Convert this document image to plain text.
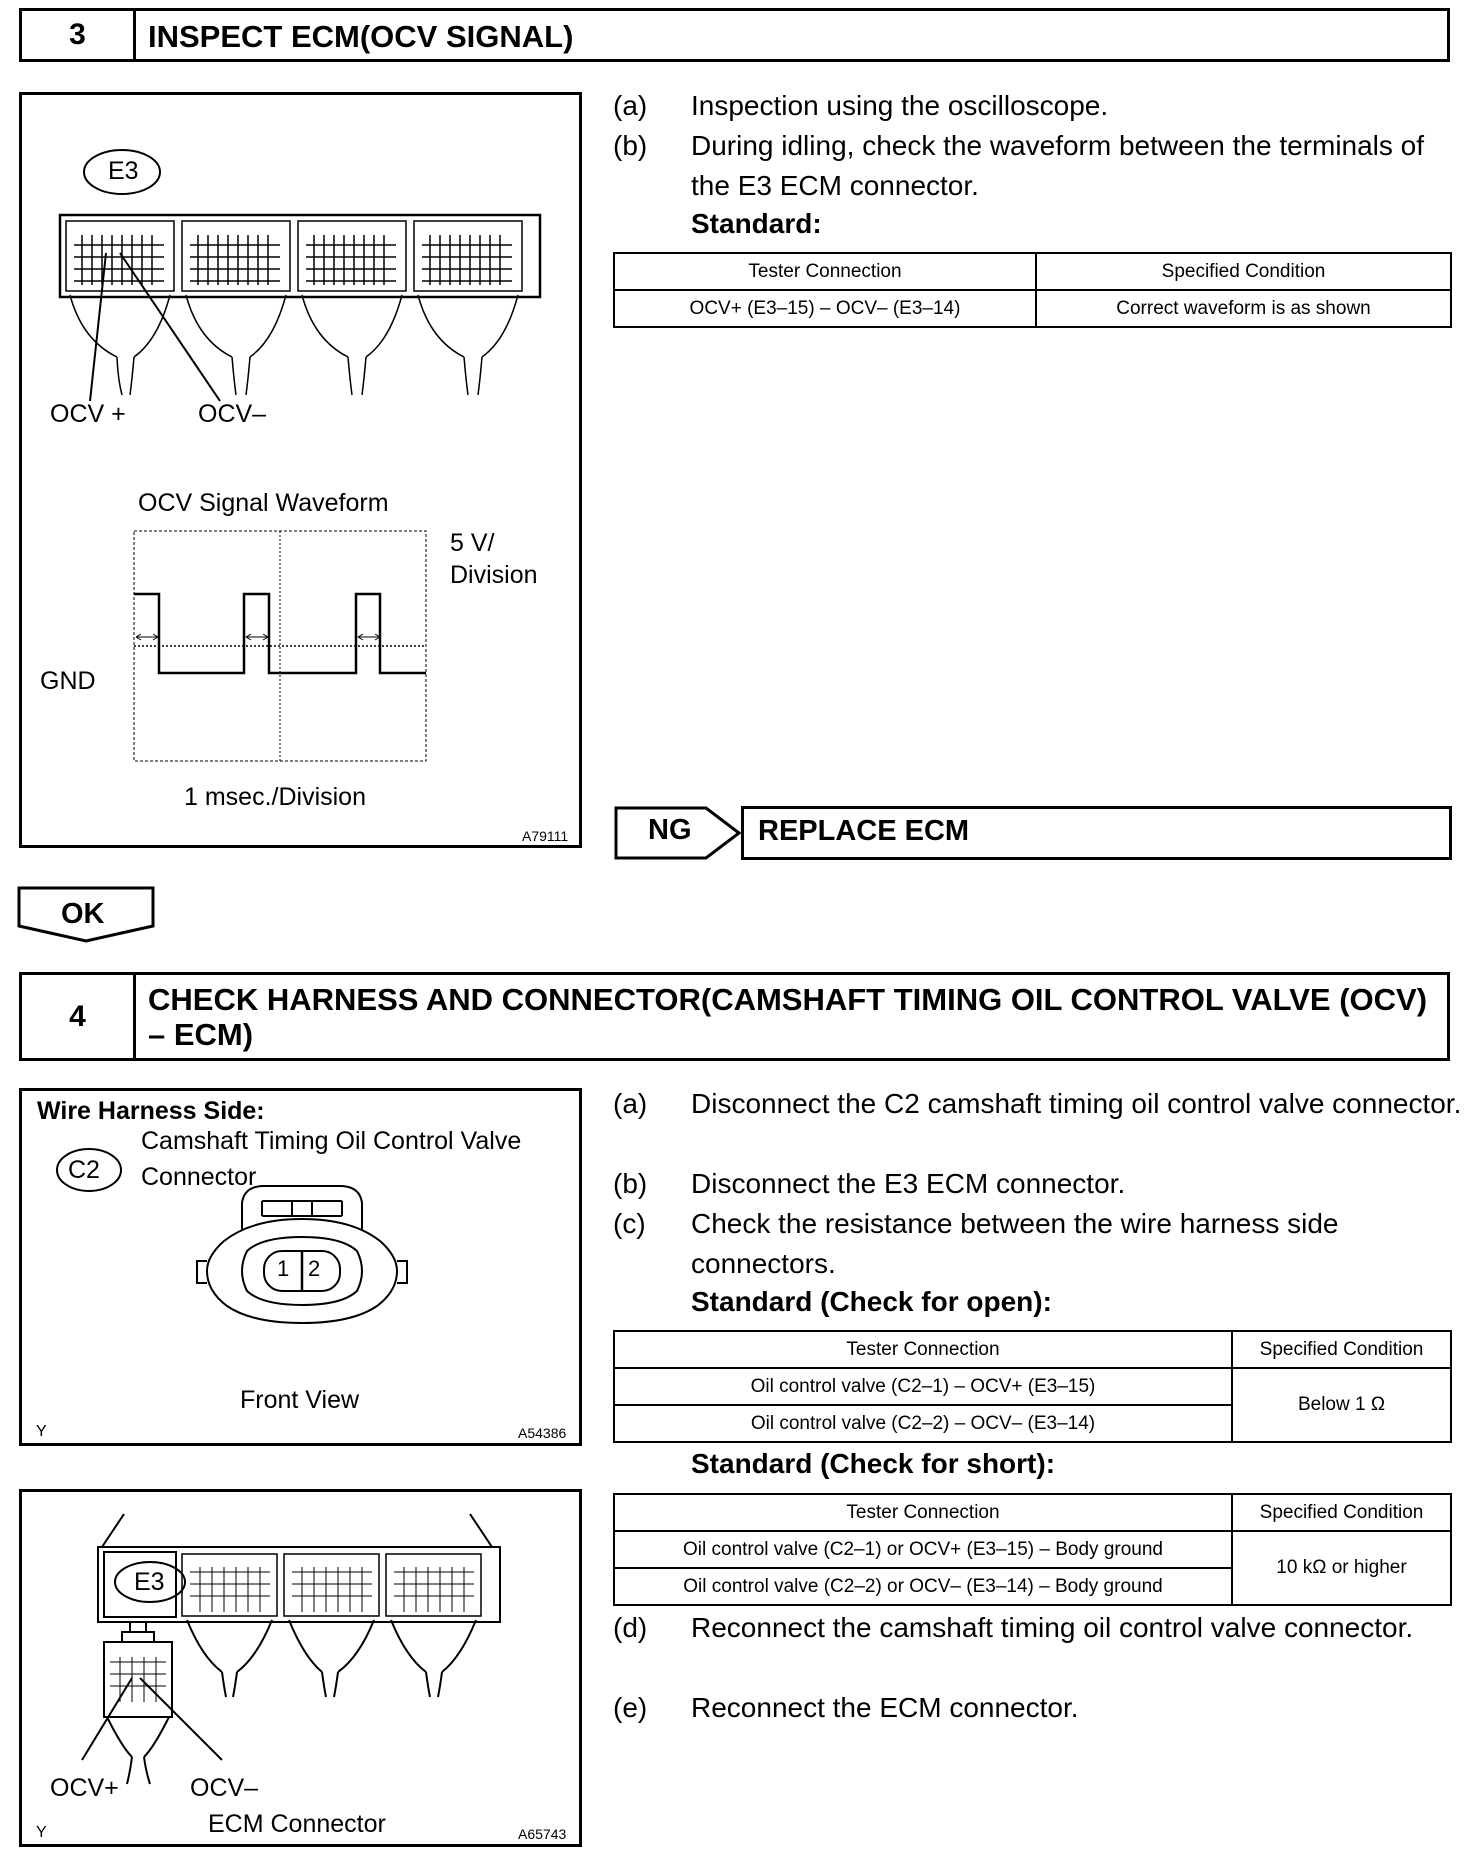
3	INSPECT ECM(OCV SIGNAL)
E3
OCV +	OCV–
OCV Signal Waveform
5 V/
Division
GND
1 msec./Division
A79111
(a)	Inspection using the oscilloscope.
(b)	During idling, check the waveform between the terminals of the E3 ECM connector.
Standard:
Tester Connection	Specified Condition
OCV+ (E3–15) – OCV– (E3–14)	Correct waveform is as shown
NG REPLACE ECM
OK
4	CHECK HARNESS AND CONNECTOR(CAMSHAFT TIMING OIL CONTROL VALVE (OCV) – ECM)
Wire Harness Side:
Camshaft Timing Oil Control Valve Connector
C2
1 2
Front View
Y	A54386
E3
OCV+	OCV–
ECM Connector
Y	A65743
(a)	Disconnect the C2 camshaft timing oil control valve connector.
(b)	Disconnect the E3 ECM connector.
(c)	Check the resistance between the wire harness side connectors.
Standard (Check for open):
Tester Connection	Specified Condition
Oil control valve (C2–1) – OCV+ (E3–15)	Below 1 Ω
Oil control valve (C2–2) – OCV– (E3–14)	
Standard (Check for short):
Tester Connection	Specified Condition
Oil control valve (C2–1) or OCV+ (E3–15) – Body ground	10 kΩ or higher
Oil control valve (C2–2) or OCV– (E3–14) – Body ground	
(d)	Reconnect the camshaft timing oil control valve connector.
(e)	Reconnect the ECM connector.
